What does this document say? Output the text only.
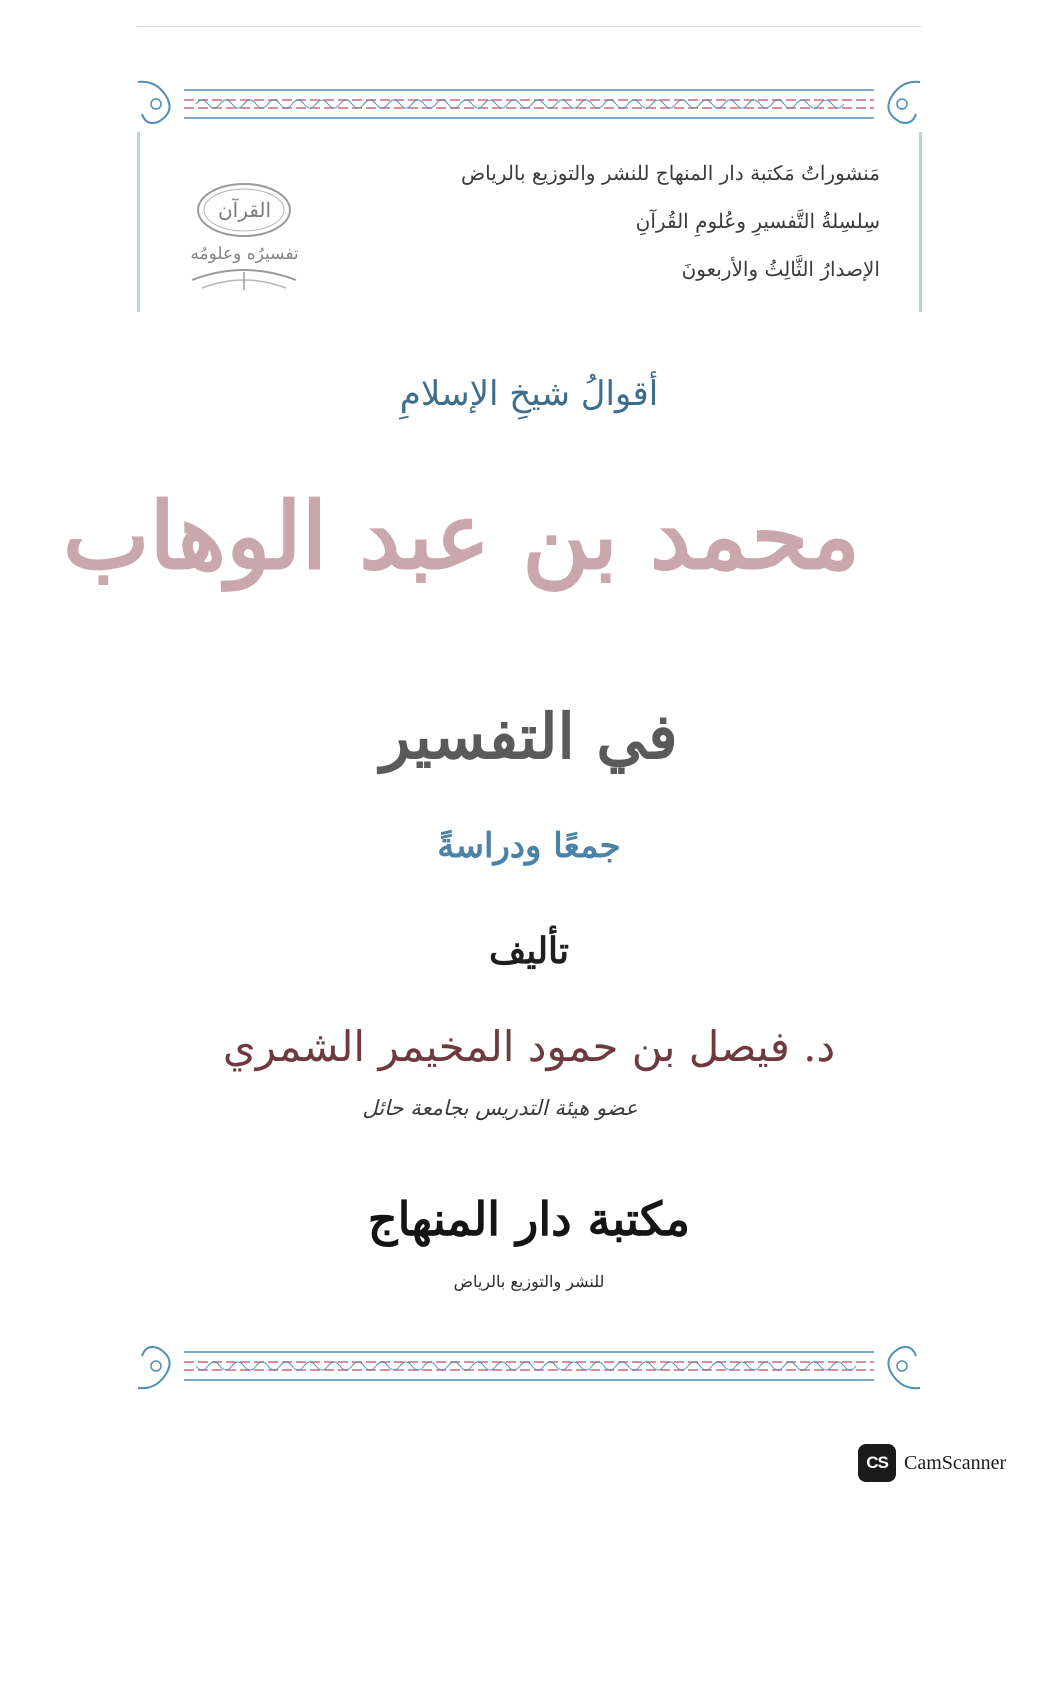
القرآن
تفسيرُه وعلومُه
مَنشوراتُ مَكتبة دار المنهاج للنشر والتوزيع بالرياض
سِلسِلةُ التَّفسيرِ وعُلومِ القُرآنِ
الإصدارُ الثَّالِثُ والأربعونَ
أقوالُ شيخِ الإسلامِ
محمد بن عبد الوهاب
في التفسير
جمعًا ودراسةً
تأليف
د. فيصل بن حمود المخيمر الشمري
عضو هيئة التدريس بجامعة حائل
مكتبة دار المنهاج
للنشر والتوزيع بالرياض
CS CamScanner
